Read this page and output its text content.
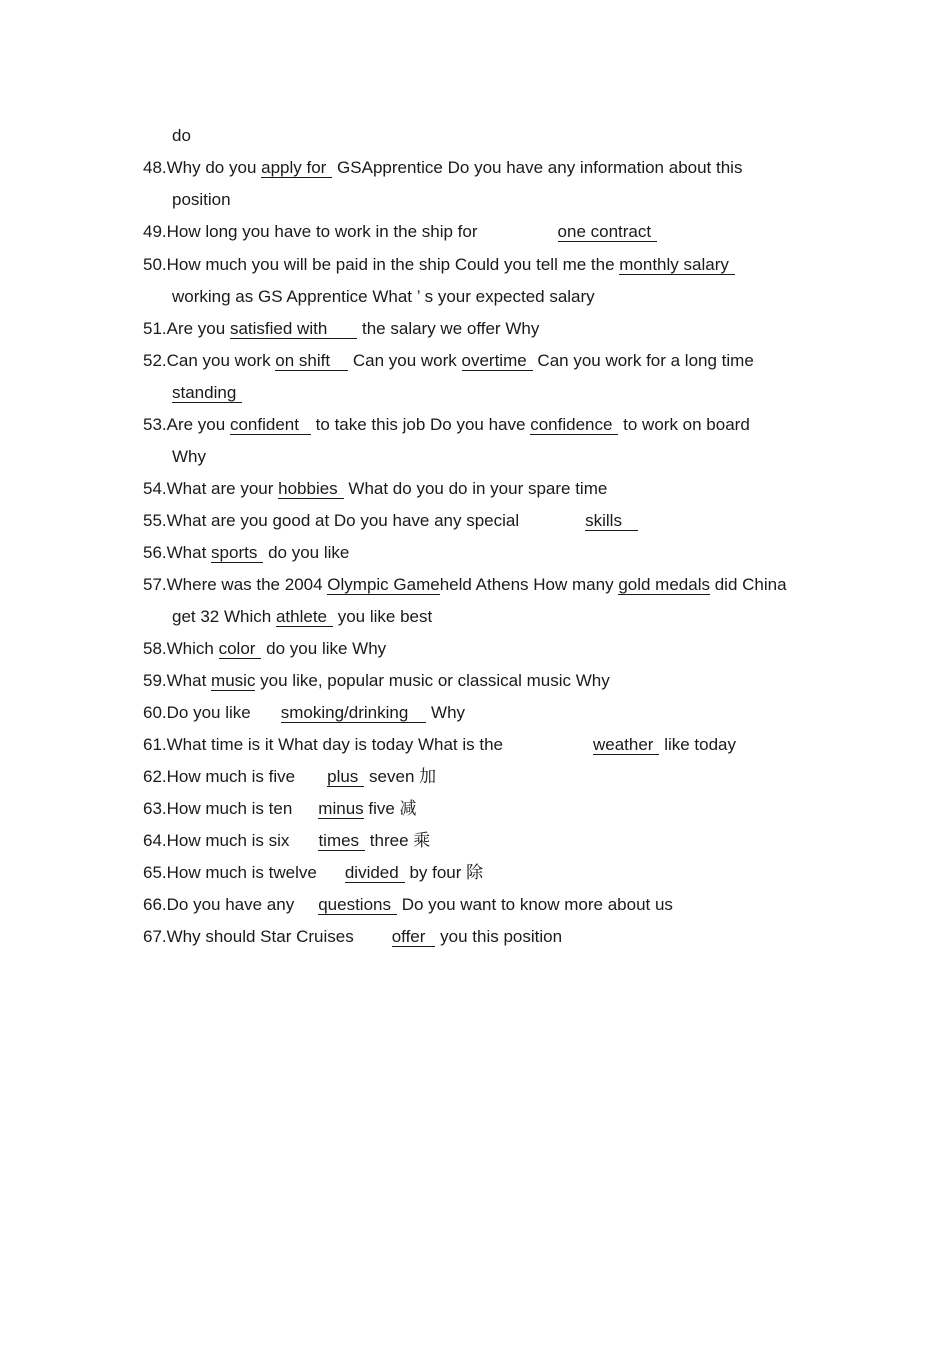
do
48.Why do you apply for GSApprentice Do you have any information about this
position
49.How long you have to work in the ship for	one contract
50.How much you will be paid in the ship Could you tell me the monthly salary
working as GS Apprentice What ’ s your expected salary
51.Are you satisfied with the salary we offer Why
52.Can you work on shift Can you work overtime Can you work for a long time
standing
53.Are you confident to take this job Do you have confidence to work on board
Why
54.What are your hobbies What do you do in your spare time
55.What are you good at Do you have any special	skills
56.What sports do you like
57.Where was the 2004 Olympic Gameheld Athens How many gold medals did China
get 32 Which athlete you like best
58.Which color do you like Why
59.What music you like, popular music or classical music Why
60.Do you like smoking/drinking Why
61.What time is it What day is today What is the	weather like today
62.How much is five plus seven 加
63.How much is ten minus five 减
64.How much is six times three 乘
65.How much is twelve divided by four 除
66.Do you have any questions Do you want to know more about us
67.Why should Star Cruises offer you this position
